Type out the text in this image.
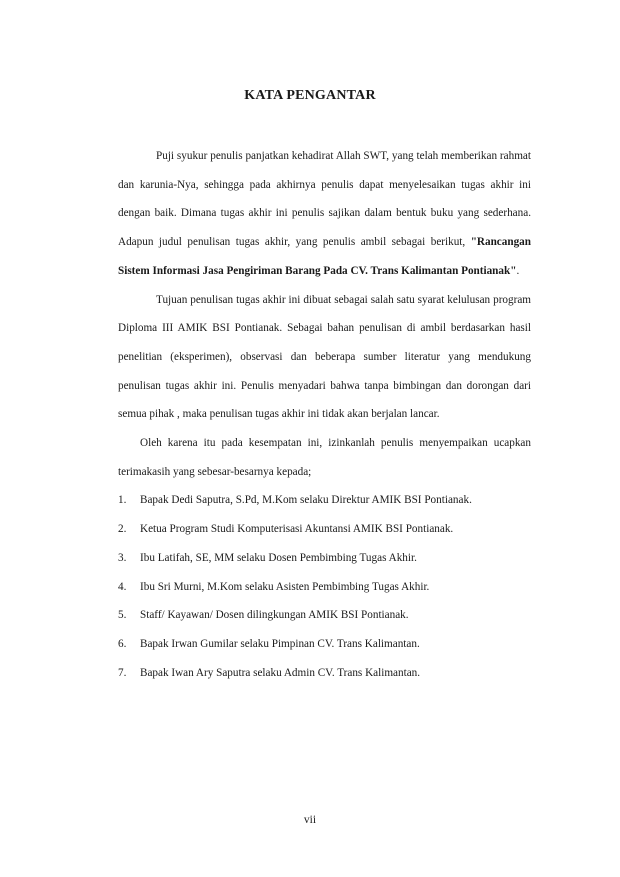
KATA PENGANTAR

Puji syukur penulis panjatkan kehadirat Allah SWT, yang telah memberikan rahmat dan karunia-Nya, sehingga pada akhirnya penulis dapat menyelesaikan tugas akhir ini dengan baik. Dimana tugas akhir ini penulis sajikan dalam bentuk buku yang sederhana. Adapun judul penulisan tugas akhir, yang penulis ambil sebagai berikut, "Rancangan Sistem Informasi Jasa Pengiriman Barang Pada CV. Trans Kalimantan Pontianak".

Tujuan penulisan tugas akhir ini dibuat sebagai salah satu syarat kelulusan program Diploma III AMIK BSI Pontianak. Sebagai bahan penulisan di ambil berdasarkan hasil penelitian (eksperimen), observasi dan beberapa sumber literatur yang mendukung penulisan tugas akhir ini. Penulis menyadari bahwa tanpa bimbingan dan dorongan dari semua pihak , maka penulisan tugas akhir ini tidak akan berjalan lancar.

Oleh karena itu pada kesempatan ini, izinkanlah penulis menyempaikan ucapkan terimakasih yang sebesar-besarnya kepada;

1.	Bapak Dedi Saputra, S.Pd, M.Kom selaku Direktur AMIK BSI Pontianak.
2.	Ketua Program Studi Komputerisasi Akuntansi AMIK BSI Pontianak.
3.	Ibu Latifah, SE, MM selaku Dosen Pembimbing Tugas Akhir.
4.	Ibu Sri Murni, M.Kom selaku Asisten Pembimbing Tugas Akhir.
5.	Staff/ Kayawan/ Dosen dilingkungan AMIK BSI Pontianak.
6.	Bapak Irwan Gumilar selaku Pimpinan CV. Trans Kalimantan.
7.	Bapak Iwan Ary Saputra selaku Admin CV. Trans Kalimantan.
vii
